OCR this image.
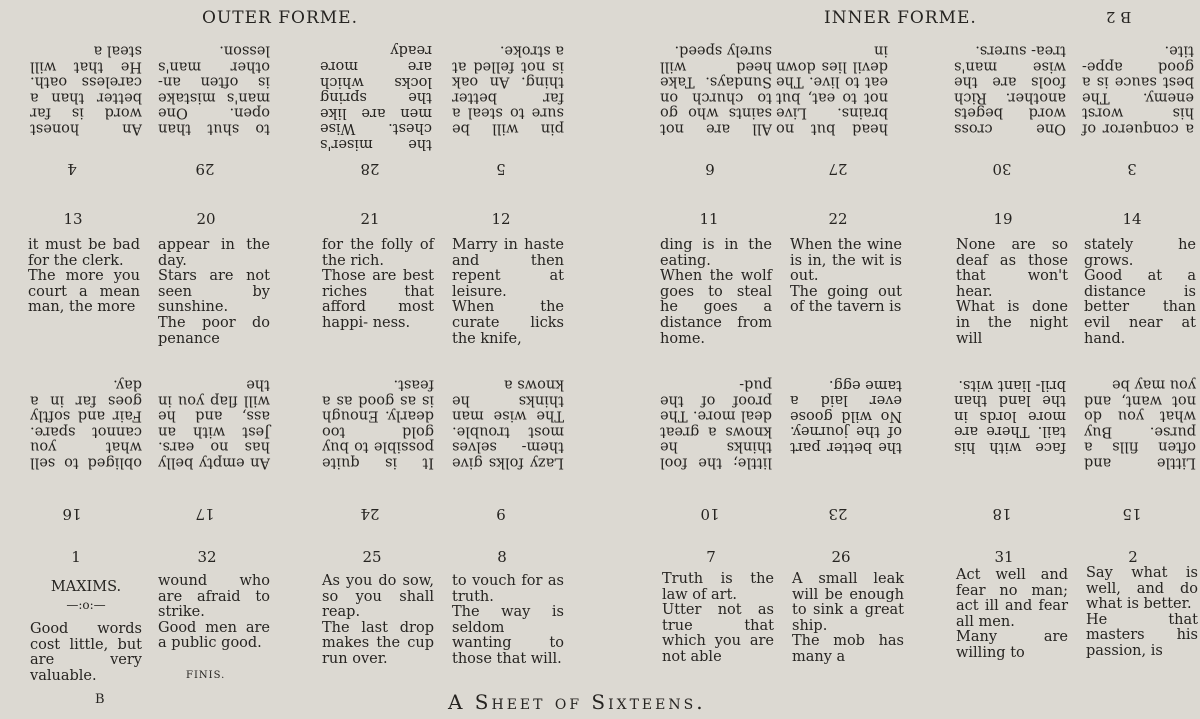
OUTER FORME.	INNER FORME.	B 2
An honest word is far better than a careless oath. He that will steal a
to shut than open. One man's mistake is often an- other man's lesson.
the miser's chest. Wise men are like the spring locks which are more ready
pin will be sure to steal a far better thing. An oak is not felled at a stroke.
All are not saints who go to church on Sundays. Take heed will surely speed.
head but no brains. Live not to eat, but eat to live. The devil lies down in
One cross word begets another. Rich fools are the wise man's trea- surers.
a conqueror of his worst enemy. The best sauce is a good appe- tite.
4	29	28	5	6	27	30	3
13	20	21	12	11	22	19	14
it must be bad for the clerk.
The more you court a mean man, the more
appear in the day.
Stars are not seen by sunshine.
The poor do penance
for the folly of the rich.
Those are best riches that afford most happi- ness.
Marry in haste and then repent at leisure.
When the curate licks the knife,
ding is in the eating.
When the wolf goes to steal he goes a distance from home.
When the wine is in, the wit is out.
The going out of the tavern is
None are so deaf as those that won't hear.
What is done in the night will
stately he grows.
Good at a distance is better than evil near at hand.
obliged to sell what you cannot spare. Fair and softly goes far in a day.
An empty belly has no ears. Jest with an ass, and he will flap you in the
It is quite possible to buy gold too dearly. Enough is as good as a feast.
Lazy folks give them- selves most trouble. The wise man thinks he knows a
little; the fool thinks he knows a great deal more. The proof of the pud-
the better part of the journey. No wild goose ever laid a tame egg.
face with his tail. There are more lords in the land than bril- liant wits.
Little and often fills a purse. Buy what you do not want, and you may be
16	17	24	9	10	23	18	15
1	32	25	8	7	26	31	2
MAXIMS.
—:o:—
Good words cost little, but are very valuable.
wound who are afraid to strike.
Good men are a public good.
FINIS.
As you do sow, so you shall reap.
The last drop makes the cup run over.
to vouch for as truth.
The way is seldom wanting to those that will.
Truth is the law of art.
Utter not as true that which you are not able
A small leak will be enough to sink a great ship.
The mob has many a
Act well and fear no man; act ill and fear all men.
Many are willing to
Say what is well, and do what is better.
He that masters his passion, is
B	A Sheet of Sixteens.
